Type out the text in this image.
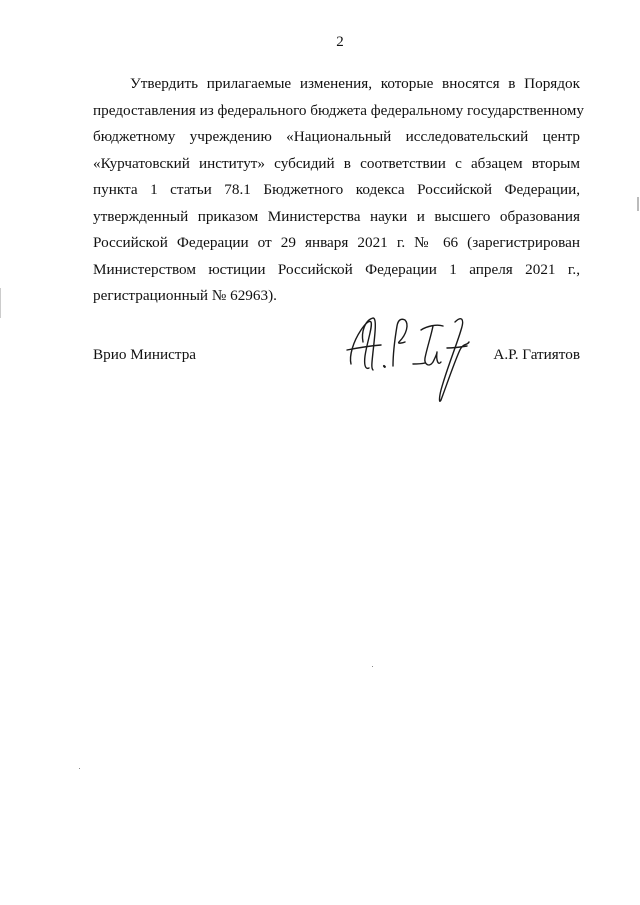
2
Утвердить прилагаемые изменения, которые вносятся в Порядок
предоставления из федерального бюджета федеральному государственному
бюджетному учреждению «Национальный исследовательский центр
«Курчатовский институт» субсидий в соответствии с абзацем вторым
пункта 1 статьи 78.1 Бюджетного кодекса Российской Федерации,
утвержденный приказом Министерства науки и высшего образования
Российской Федерации от 29 января 2021 г. № 66 (зарегистрирован
Министерством юстиции Российской Федерации 1 апреля 2021 г.,
регистрационный № 62963).
Врио Министра	А.Р. Гатиятов
